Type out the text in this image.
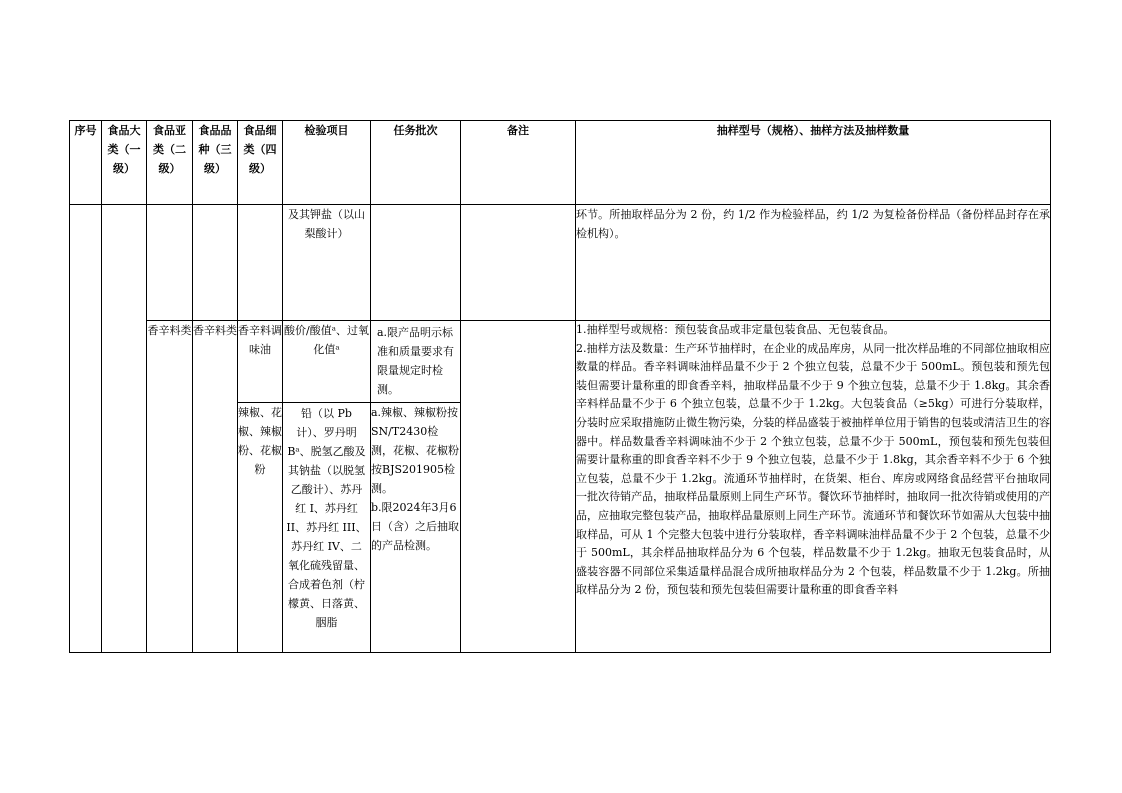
序号	食品大类（一级）	食品亚类（二级）	食品品种（三级）	食品细类（四级）	检验项目	任务批次	备注	抽样型号（规格）、抽样方法及抽样数量
					及其钾盐（以山梨酸计）			环节。所抽取样品分为 2 份，约 1/2 作为检验样品，约 1/2 为复检备份样品（备份样品封存在承检机构）。
		香辛料类	香辛料类	香辛料调味油	酸价/酸值ᵃ、过氧化值ᵃ	a.限产品明示标准和质量要求有限量规定时检测。		1.抽样型号或规格：预包装食品或非定量包装食品、无包装食品。
2.抽样方法及数量：生产环节抽样时，在企业的成品库房，从同一批次样品堆的不同部位抽取相应数量的样品。香辛料调味油样品量不少于 2 个独立包装，总量不少于 500mL。预包装和预先包装但需要计量称重的即食香辛料，抽取样品量不少于 9 个独立包装，总量不少于 1.8kg。其余香辛料样品量不少于 6 个独立包装，总量不少于 1.2kg。大包装食品（≥5kg）可进行分装取样，分装时应采取措施防止微生物污染，分装的样品盛装于被抽样单位用于销售的包装或清洁卫生的容器中。样品数量香辛料调味油不少于 2 个独立包装，总量不少于 500mL，预包装和预先包装但需要计量称重的即食香辛料不少于 9 个独立包装，总量不少于 1.8kg，其余香辛料不少于 6 个独立包装，总量不少于 1.2kg。流通环节抽样时，在货架、柜台、库房或网络食品经营平台抽取同一批次待销产品，抽取样品量原则上同生产环节。餐饮环节抽样时，抽取同一批次待销或使用的产品，应抽取完整包装产品，抽取样品量原则上同生产环节。流通环节和餐饮环节如需从大包装中抽取样品，可从 1 个完整大包装中进行分装取样，香辛料调味油样品量不少于 2 个包装，总量不少于 500mL，其余样品抽取样品分为 6 个包装，样品数量不少于 1.2kg。抽取无包装食品时，从盛装容器不同部位采集适量样品混合成所抽取样品分为 2 个包装，样品数量不少于 1.2kg。所抽取样品分为 2 份，预包装和预先包装但需要计量称重的即食香辛料

				辣椒、花椒、辣椒粉、花椒粉	铅（以 Pb 计）、罗丹明 Bᵃ、脱氢乙酸及其钠盐（以脱氢乙酸计）、苏丹红 I、苏丹红 II、苏丹红 III、苏丹红 IV、二氧化硫残留量、合成着色剂（柠檬黄、日落黄、胭脂	a.辣椒、辣椒粉按
SN/T2430检测，花椒、花椒粉按BJS201905检测。
b.限2024年3月6日（含）之后抽取的产品检测。		
